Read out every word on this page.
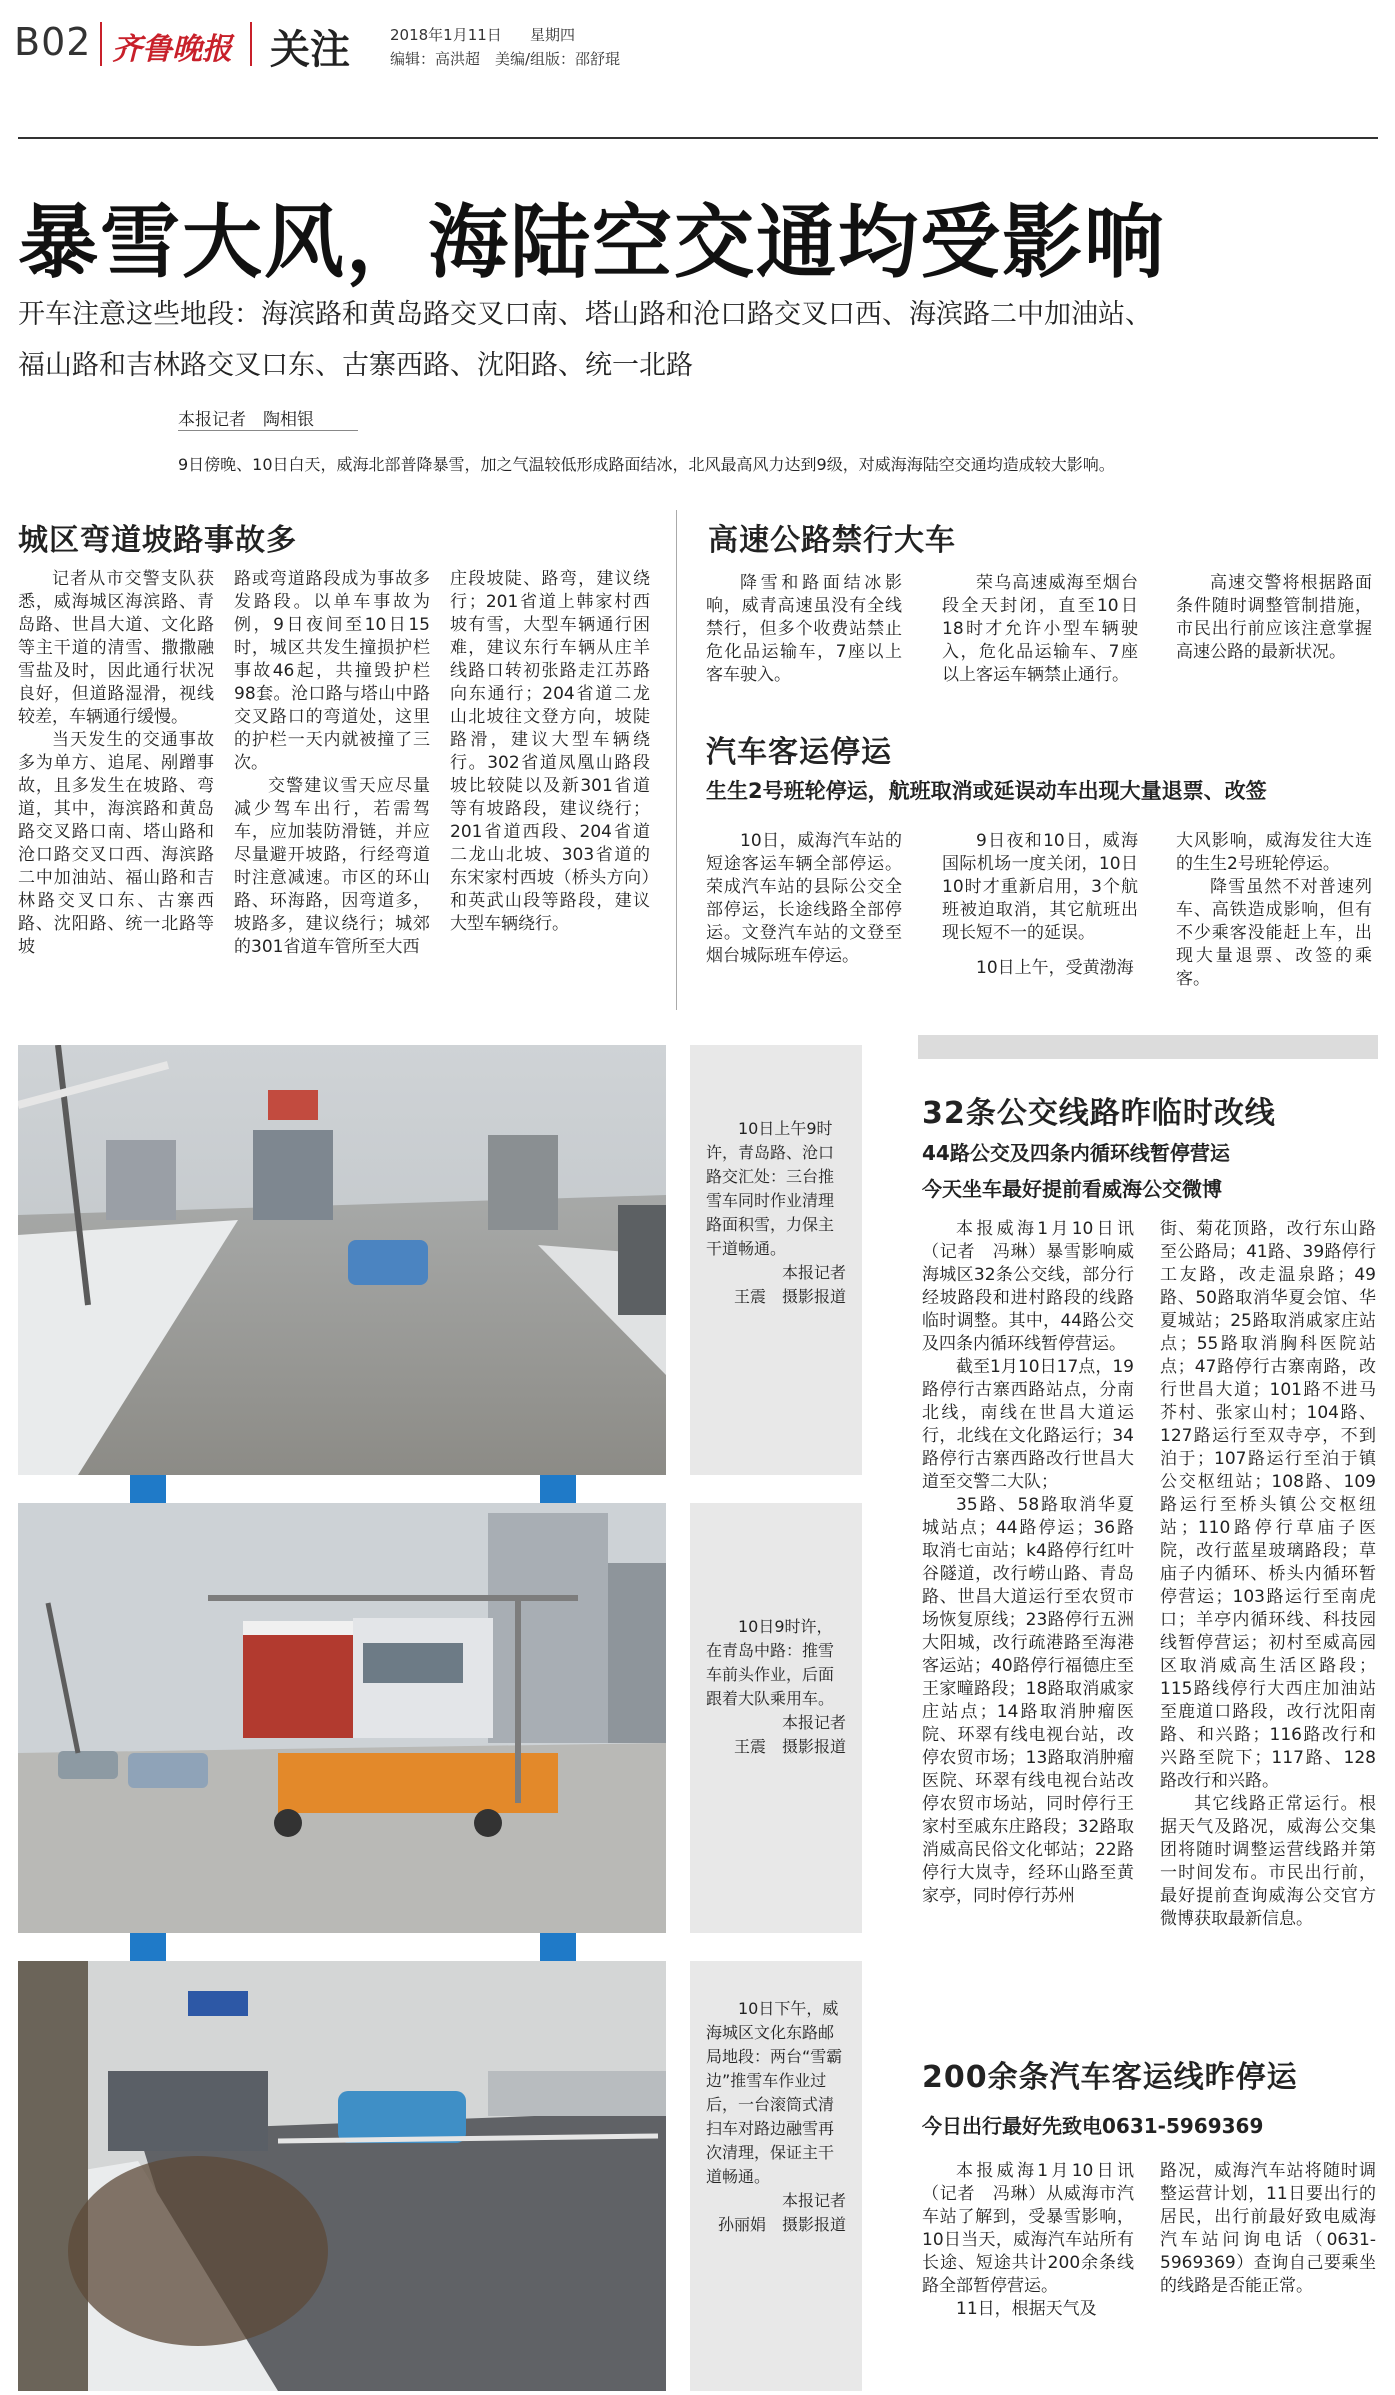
B02 齐鲁晚报 关注	2018年1月11日 星期四
编辑：高洪超　美编/组版：邵舒琨
暴雪大风，海陆空交通均受影响
开车注意这些地段：海滨路和黄岛路交叉口南、塔山路和沧口路交叉口西、海滨路二中加油站、
福山路和吉林路交叉口东、古寨西路、沈阳路、统一北路
本报记者　陶相银
9日傍晚、10日白天，威海北部普降暴雪，加之气温较低形成路面结冰，北风最高风力达到9级，对威海海陆空交通均造成较大影响。
城区弯道坡路事故多

记者从市交警支队获悉，威海城区海滨路、青岛路、世昌大道、文化路等主干道的清雪、撒撒融雪盐及时，因此通行状况良好，但道路湿滑，视线较差，车辆通行缓慢。

当天发生的交通事故多为单方、追尾、剐蹭事故，且多发生在坡路、弯道，其中，海滨路和黄岛路交叉路口南、塔山路和沧口路交叉口西、海滨路二中加油站、福山路和吉林路交叉口东、古寨西路、沈阳路、统一北路等坡

路或弯道路段成为事故多发路段。以单车事故为例，9日夜间至10日15时，城区共发生撞损护栏事故46起，共撞毁护栏98套。沧口路与塔山中路交叉路口的弯道处，这里的护栏一天内就被撞了三次。

交警建议雪天应尽量减少驾车出行，若需驾车，应加装防滑链，并应尽量避开坡路，行经弯道时注意减速。市区的环山路、环海路，因弯道多，坡路多，建议绕行；城郊的301省道车管所至大西

庄段坡陡、路弯，建议绕行；201省道上韩家村西坡有雪，大型车辆通行困难，建议东行车辆从庄羊线路口转初张路走江苏路向东通行；204省道二龙山北坡往文登方向，坡陡路滑，建议大型车辆绕行。302省道凤凰山路段坡比较陡以及新301省道等有坡路段，建议绕行；201省道西段、204省道二龙山北坡、303省道的东宋家村西坡（桥头方向）和英武山段等路段，建议大型车辆绕行。

高速公路禁行大车

降雪和路面结冰影响，威青高速虽没有全线禁行，但多个收费站禁止危化品运输车，7座以上客车驶入。

荣乌高速威海至烟台段全天封闭，直至10日18时才允许小型车辆驶入，危化品运输车、7座以上客运车辆禁止通行。

高速交警将根据路面条件随时调整管制措施，市民出行前应该注意掌握高速公路的最新状况。

汽车客运停运
生生2号班轮停运，航班取消或延误动车出现大量退票、改签

10日，威海汽车站的短途客运车辆全部停运。荣成汽车站的县际公交全部停运，长途线路全部停运。文登汽车站的文登至烟台城际班车停运。

9日夜和10日，威海国际机场一度关闭，10日10时才重新启用，3个航班被迫取消，其它航班出现长短不一的延误。

10日上午，受黄渤海

大风影响，威海发往大连的生生2号班轮停运。

降雪虽然不对普速列车、高铁造成影响，但有不少乘客没能赶上车，出现大量退票、改签的乘客。

10日上午9时许，青岛路、沧口路交汇处：三台推雪车同时作业清理路面积雪，力保主干道畅通。

本报记者
王震　摄影报道

10日9时许，在青岛中路：推雪车前头作业，后面跟着大队乘用车。

本报记者
王震　摄影报道

10日下午，威海城区文化东路邮局地段：两台“雪霸边”推雪车作业过后，一台滚筒式清扫车对路边融雪再次清理，保证主干道畅通。

本报记者
孙丽娟　摄影报道
32条公交线路昨临时改线
44路公交及四条内循环线暂停营运
今天坐车最好提前看威海公交微博

本报威海1月10日讯（记者　冯琳）暴雪影响威海城区32条公交线，部分行经坡路段和进村路段的线路临时调整。其中，44路公交及四条内循环线暂停营运。

截至1月10日17点，19路停行古寨西路站点，分南北线，南线在世昌大道运行，北线在文化路运行；34路停行古寨西路改行世昌大道至交警二大队；

35路、58路取消华夏城站点；44路停运；36路取消七亩站；k4路停行红叶谷隧道，改行崂山路、青岛路、世昌大道运行至农贸市场恢复原线；23路停行五洲大阳城，改行疏港路至海港客运站；40路停行福德庄至王家疃路段；18路取消戚家庄站点；14路取消肿瘤医院、环翠有线电视台站，改停农贸市场；13路取消肿瘤医院、环翠有线电视台站改停农贸市场站，同时停行王家村至戚东庄路段；32路取消威高民俗文化邨站；22路停行大岚寺，经环山路至黄家亭，同时停行苏州

街、菊花顶路，改行东山路至公路局；41路、39路停行工友路，改走温泉路；49路、50路取消华夏会馆、华夏城站；25路取消戚家庄站点；55路取消胸科医院站点；47路停行古寨南路，改行世昌大道；101路不进马芥村、张家山村；104路、127路运行至双寺亭，不到泊于；107路运行至泊于镇公交枢纽站；108路、109路运行至桥头镇公交枢纽站；110路停行草庙子医院，改行蓝星玻璃路段；草庙子内循环、桥头内循环暂停营运；103路运行至南虎口；羊亭内循环线、科技园线暂停营运；初村至威高园区取消威高生活区路段；115路线停行大西庄加油站至鹿道口路段，改行沈阳南路、和兴路；116路改行和兴路至院下；117路、128路改行和兴路。

其它线路正常运行。根据天气及路况，威海公交集团将随时调整运营线路并第一时间发布。市民出行前，最好提前查询威海公交官方微博获取最新信息。

200余条汽车客运线昨停运
今日出行最好先致电0631-5969369

本报威海1月10日讯（记者　冯琳）从威海市汽车站了解到，受暴雪影响，10日当天，威海汽车站所有长途、短途共计200余条线路全部暂停营运。

11日，根据天气及

路况，威海汽车站将随时调整运营计划，11日要出行的居民，出行前最好致电威海汽车站问询电话（0631-5969369）查询自己要乘坐的线路是否能正常。
